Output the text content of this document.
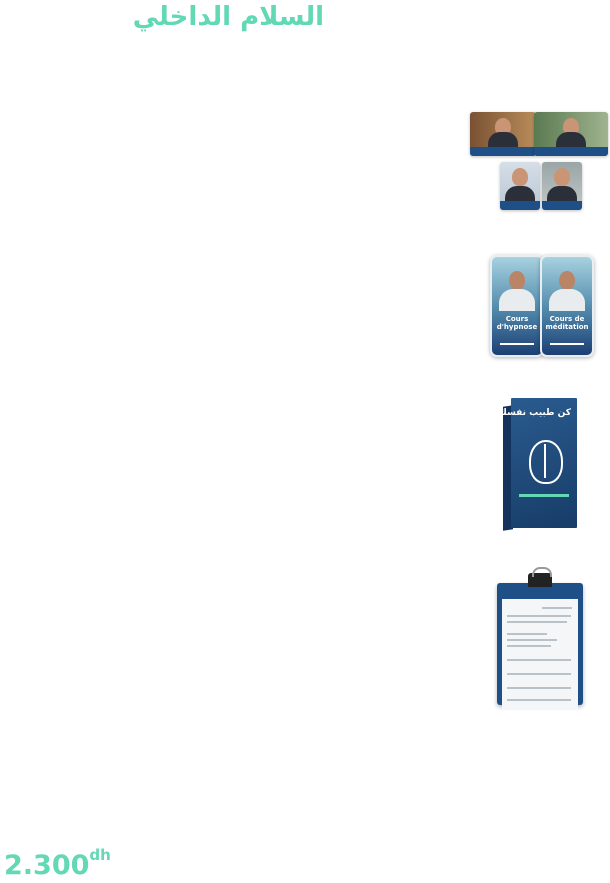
السلام الداخلي
Cours d'hypnose
Cours de méditation
كن طبيب نفسك
2.300$^{dh}$
